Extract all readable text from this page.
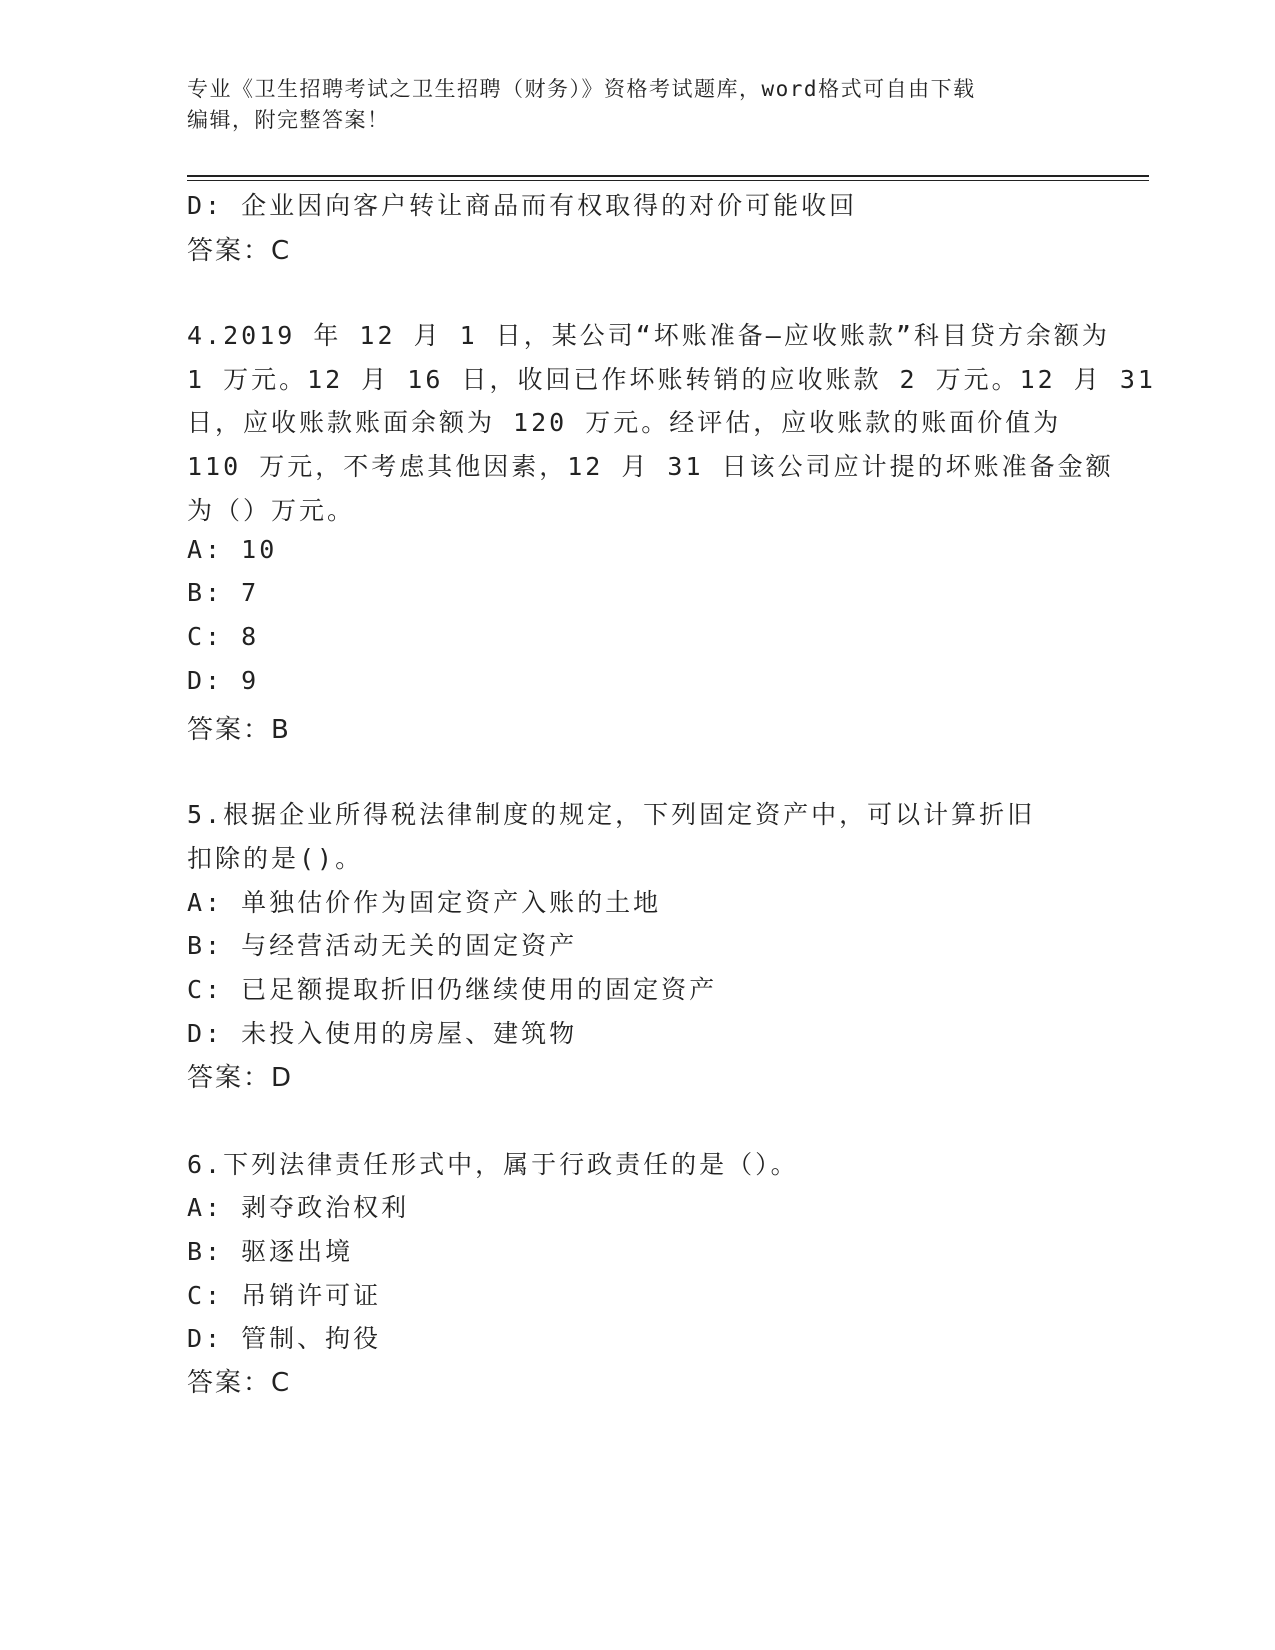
专业《卫生招聘考试之卫生招聘（财务）》资格考试题库，word格式可自由下载
编辑，附完整答案！
D: 企业因向客户转让商品而有权取得的对价可能收回
答案：C
4.2019 年 12 月 1 日，某公司“坏账准备—应收账款”科目贷方余额为
1 万元。12 月 16 日，收回已作坏账转销的应收账款 2 万元。12 月 31
日，应收账款账面余额为 120 万元。经评估，应收账款的账面价值为
110 万元，不考虑其他因素，12 月 31 日该公司应计提的坏账准备金额
为（）万元。
A: 10
B: 7
C: 8
D: 9
答案：B
5.根据企业所得税法律制度的规定，下列固定资产中，可以计算折旧
扣除的是()。
A: 单独估价作为固定资产入账的土地
B: 与经营活动无关的固定资产
C: 已足额提取折旧仍继续使用的固定资产
D: 未投入使用的房屋、建筑物
答案：D
6.下列法律责任形式中，属于行政责任的是（）。
A: 剥夺政治权利
B: 驱逐出境
C: 吊销许可证
D: 管制、拘役
答案：C
